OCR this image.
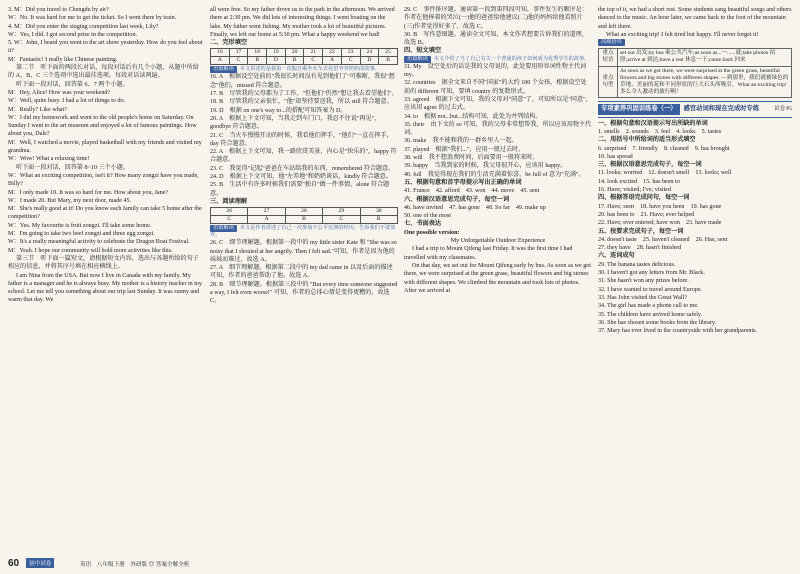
3. M：Did you travel to Chengdu by air?

W：No. It was hard for me to get the ticket. So I went there by train.

4. M：Did you enter the singing competition last week, Lily?

W：Yes, I did. I got second prize in the competition.

5. W：John, I heard you went to the art show yesterday. How do you feel about it?

M：Fantastic! I really like Chinese painting.

第二节　听下面的两段长对话，每段对话后有几个小题，从题中所给的 A、B、C 三个选项中选出最佳选项。每段对话读两遍。

听下面一段对话，回答第 6、7 两个小题。

M：Hey, Alice! How was your weekend?

W：Well, quite busy. I had a lot of things to do.

M：Really? Like what?

W：I did my homework and went to the old people's home on Saturday. On Sunday I went to the art museum and enjoyed a lot of famous paintings. How about you, Dale?

M：Well, I watched a movie, played basketball with my friends and visited my grandma.

W：Wow! What a relaxing time!

听下面一段对话，回答第 8~10 三个小题。

W：What an exciting competition, isn't it? How many zongzi have you made, Billy?

M：I only made 10. It was so hard for me. How about you, Jane?

W：I made 20. But Mary, my next door, made 45.

M：She's really good at it! Do you know each family can take 5 home after the competition?

W：Yes. My favourite is fruit zongzi. I'll take some home.

M：I'm going to take two beef zongzi and three egg zongzi.

W：It's a really meaningful activity to celebrate the Dragon Boat Festival.

M：Yeah. I hope our community will hold more activities like this.

第三节　听下面一篇短文，请根据短文内容，选出与各题所给的句子相应的信息，并将其序号填在相应横线上。

I am Nina from the USA. But now I live in Canada with my family. My father is a manager and he is always busy. My mother is a history teacher in my school. Let me tell you something about our trip last Sunday. It was sunny and warm that day. We

all were free. So my father drove us to the park in the afternoon. We arrived there at 2:30 pm. We did lots of interesting things. I went boating on the lake. My father went fishing. My mother took a lot of beautiful pictures. Finally, we left our home at 5:30 pm. What a happy weekend we had!

二、完形填空

16	17	18	19	20	21	22	23	24	25
A	C	B	D	B	C	A	C	D	B

语篇解读 本文讲述的是我第一次独自乘坐火车去看望爷爷奶奶的故事。

16. A　根据设空处前的"我很长时间没有见到他们了"可推断，我很"想念"他们，missed 符合题意。

17. B　尽管我的父母都为了工作，"但他们"仍然"想让我去看望他们"。

18. B　尽管我的父亲很忙，"他"却坚持要送我，所以 still 符合题意。

19. D　根据 on one's way to...的搭配可知答案为 D。

20. A　根据上下文可知，当我走到车门口，我忍不住说"再见"，goodbye 符合题意。

21. C　当火车慢慢开动的时候，我看他们挥手，"他们"一直在挥手，day 符合题意。

22. A　根据上下文可知，我一路欣赏美景，内心是"快乐的"，happy 符合题意。

23. C　我觉得"记起"爸爸在车站给我的东西，remembered 符合题意。

24. D　根据上下文可知，他"左养地"和奶奶谈话，kindly 符合题意。

25. B　生活中有许多时候我们需要"独自"做一件事情，alone 符合题意。

三、阅读理解

26	27	28	29	30
C	A	B	C	B

语篇解读 本文是作者讲述了自己一次参加不公平比赛的经历，告诉我们不要放弃。

26. C　细节理解题。根据第一段中的 my little sister Kate 和 "She was so noisy that I shouted at her angrily. Then I felt sad."可知，作者是因为他的妹妹而难过，故选 A。

27. A　细节理解题。根据第二段中的 my dad came in 以及后面的描述可知，作者的爸爸帮助了他。故选 A。

28. B　细节理解题。根据第三段中的 "But every time someone suggested a way, I felt even worse!" 可知，作者的总体心情是变得更糟的，故选 C。

29. C　事件排序题。通读第一段到第四段可知，事件发生的顺序是：作者在他捧着的哭泣(一)他的爸爸给他建议(二)他的妈妈给他看照片(三)作者觉得好多了，故选 C。

30. B　写作意图题。通读全文可知，本文作者想要告诉我们的道理，故选 B。

四、短文填空

语篇解读 本文介绍了当了自己有关一个普通的孩子如何成为优秀学生的故事。

31. My　设空处后的话是我的父母说的，此处要用形容词性物主代词 my。

32. countries　据全文来自不同"国家"的大约 100 个女孩，根据设空处前的 different 可知，要填 country 的复数形式。

33. agreed　根据下文可知，我的父母对"同意"了，可知所以是"同意"，应该用 agree 的过去式。

34. to　根据 not...but...结构可知，此处为并列结构。

35. their　由下文的 so 可知，我的父母非常想帮我，所以应该用物主代词。

36. make　我不能和我的一群乡里人一起。

37. played　根据"我们..."，应用一般过去时。

38. will　我不想浪费时间，后面要用一般将来时。

39. happy　当我到家的时候，我父母很开心，应该用 happy。

40. full　我觉得现在我们的生活充满着惊喜，be full of 意为"充满"。

五、根据句意和首字母提示写出正确的单词

41. France　42. afford　43. won　44. move　45. sent

六、根据汉语意思完成句子，每空一词

46. have invited　47. has gone　48. So far　49. make up

50. one of the most

七、书面表达

One possible version:

My Unforgettable Outdoor Experience

I had a trip to Mount Qifeng last Friday. It was the first time I had travelled with my classmates.

On that day, we set out for Mount Qifeng early by bus. As soon as we got there, we were surprised at the green grass, beautiful flowers and big stones with different shapes. We climbed the mountain and took lots of photos. After we arrived at

the top of it, we had a short rest. Some students sang beautiful songs and others danced to the music. An hour later, we came back to the foot of the mountain and left there.

What an exciting trip! I felt tired but happy. I'll never forget it!

高级语块

重点短语	set out 出发;by bus 乘公共汽车;as soon as...一......就;take photos 拍照;arrive at 到达;have a rest 休息一下;come back 回来
重点句型	As soon as we got there, we were surprised at the green grass, beautiful flowers and big stones with different shapes. —到那里，我们就被绿色的草地、美丽的花和不同形状的巨大石头所吸引。What an exciting trip! 多么令人激动的旅行啊！
专项素养巩固训练卷（一）	感官动词和现在完成时专练	试卷 P5

一、根据句意和汉语提示写出所缺的单词

1. smells　2. sounds　3. feel　4. looks　5. tastes

二、用括号中所给词的适当形式填空

6. surprised　7. friendly　8. cleaned　9. has brought

10. has spread

三、根据汉语意思完成句子，每空一词

11. looks; worried　12. doesn't smell　13. looks; well

14. look excited　15. has been to

16. Have; visited; I've; visited

四、根据答语完成问句，每空一词

17. Have; seen　18. have you been　19. has gone

20. has been to　21. Have; ever helped

22. Have; ever entered; have won　23. have made

五、按要求完成句子，每空一词

24. doesn't taste　25. haven't cleaned　26. Has; sent

27. they have　28. hasn't finished

六、连词成句

29. The banana tastes delicious.

30. I haven't got any letters from Mr. Black.

31. She hasn't won any prizes before.

32. I have wanted to travel around Europe.

33. Has John visited the Great Wall?

34. The girl has made a phone call to me.

35. The children have arrived home safely.

36. She has chosen some books from the library.

37. Mary has ever lived in the countryside with her grandparents.

60	初中试卷	英语　八年级下册　外研版 ◎ 答案全解全析
